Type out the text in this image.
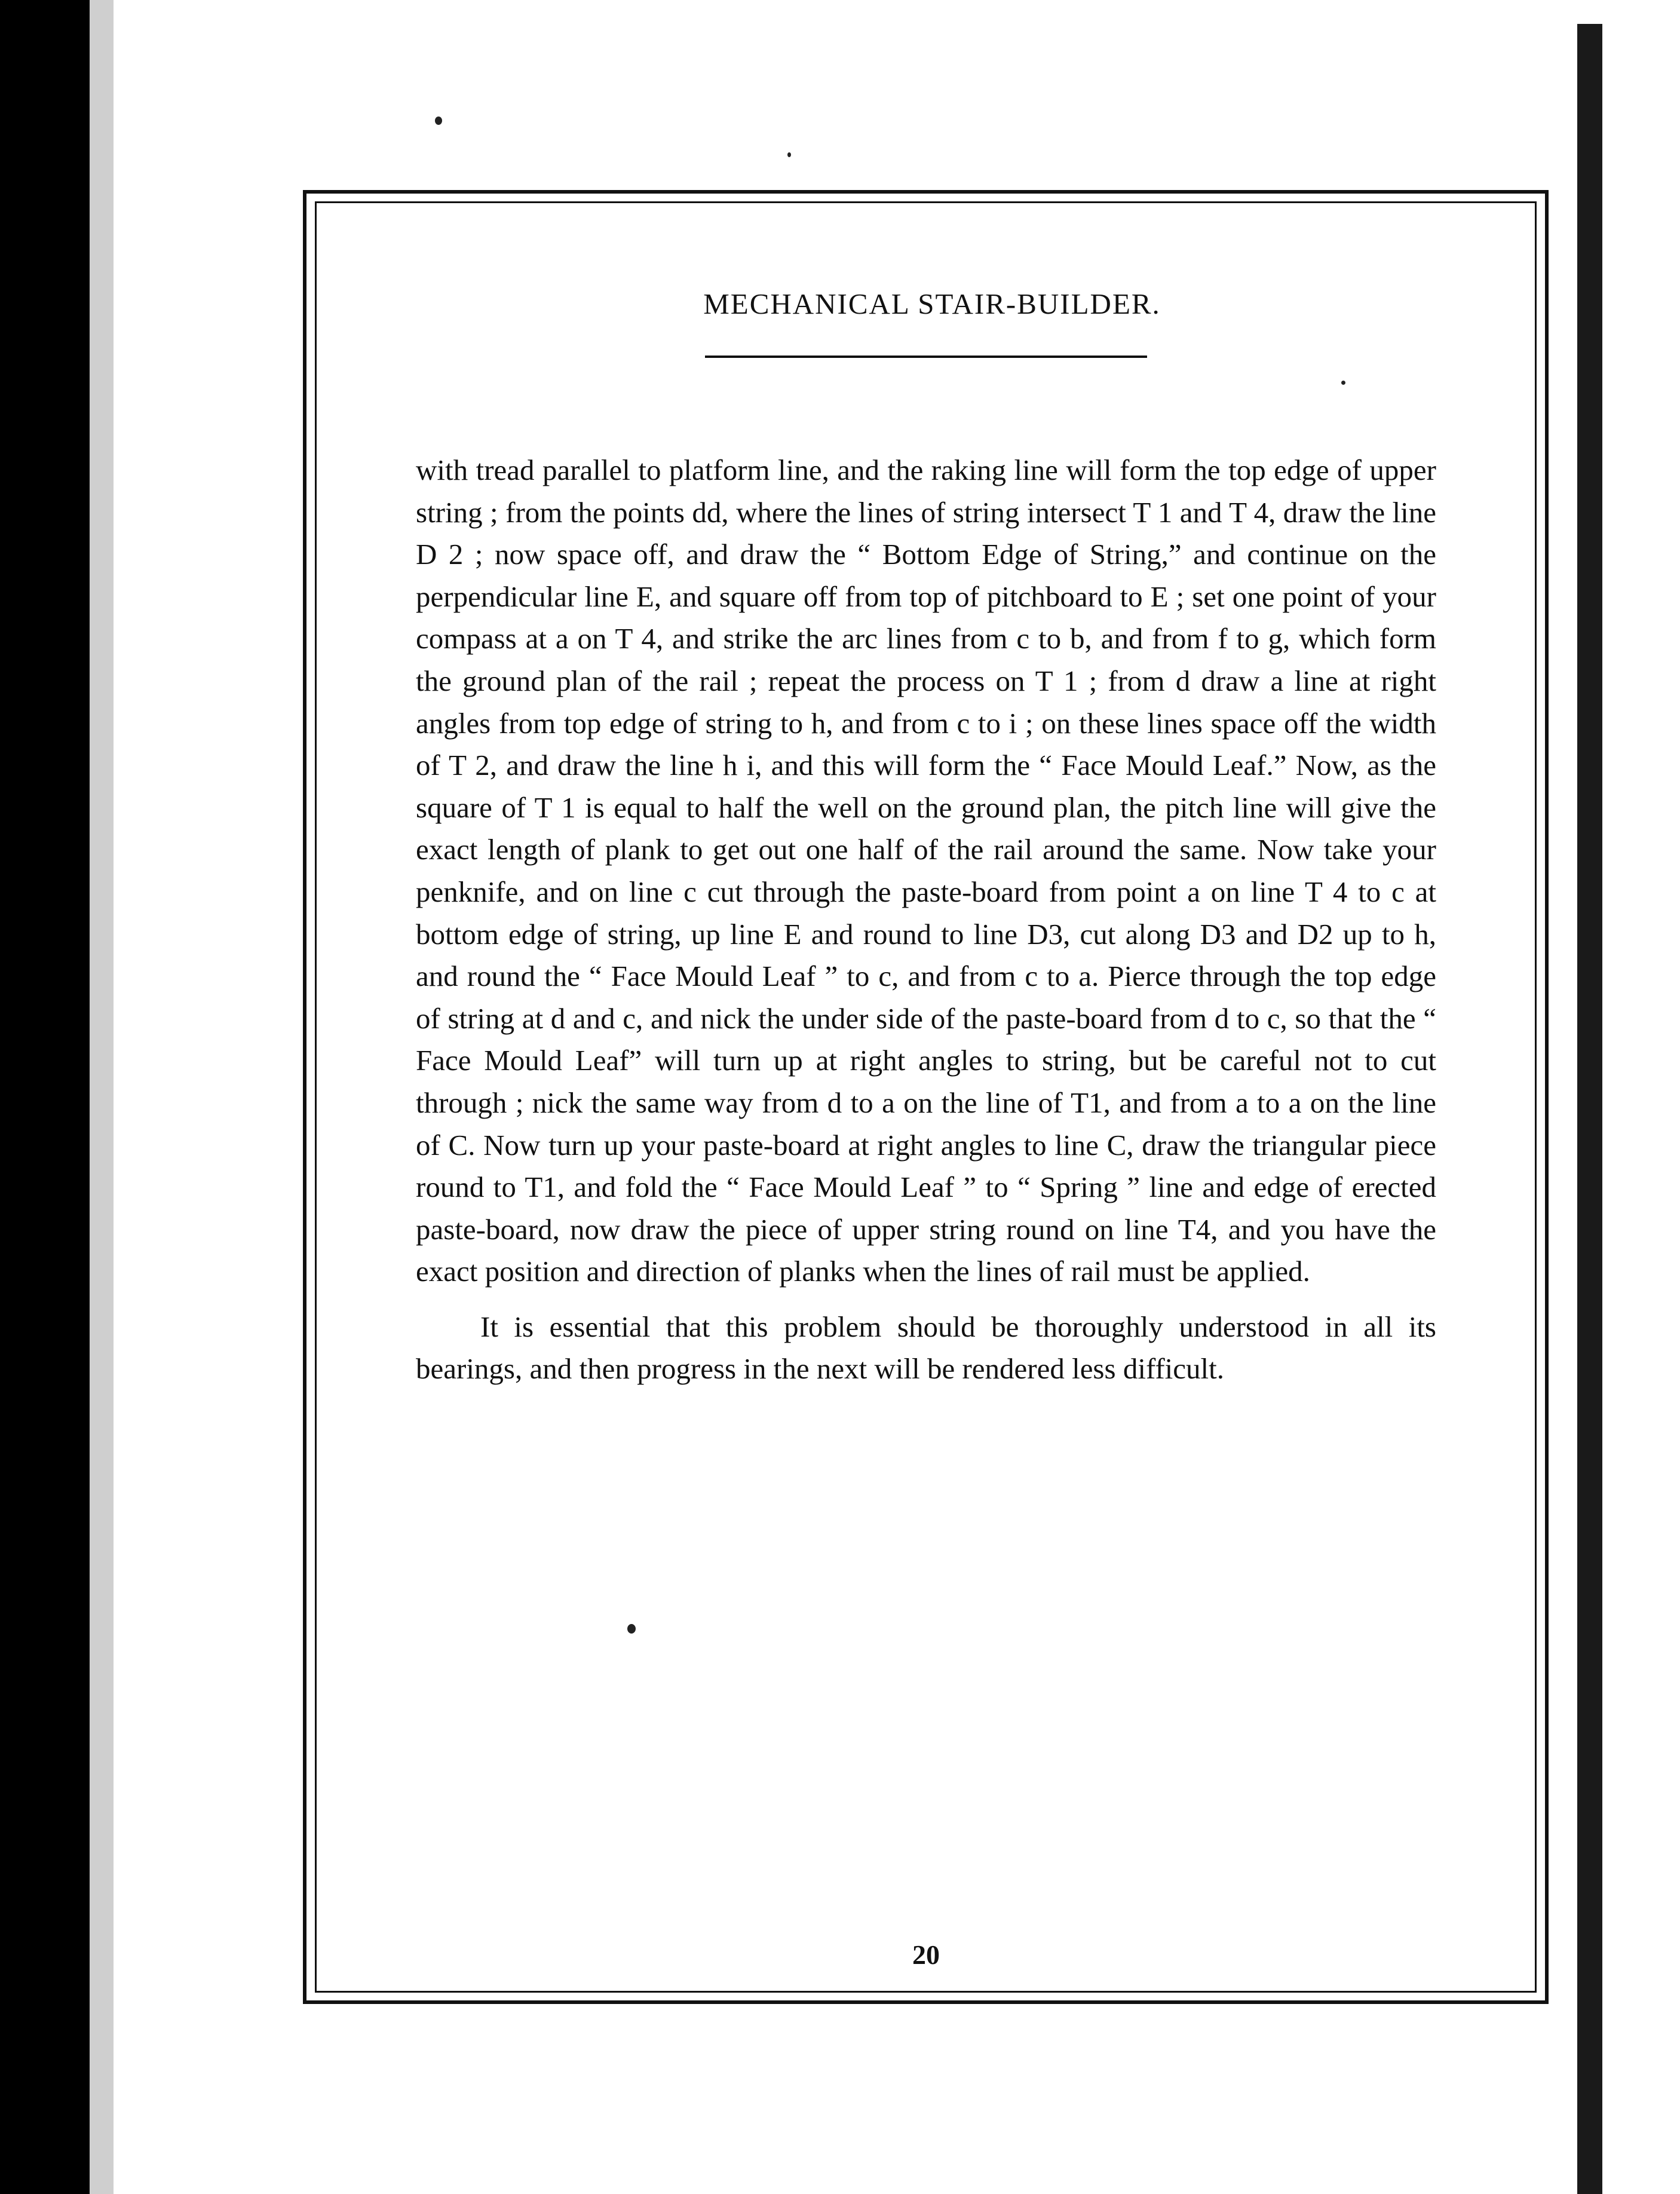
MECHANICAL STAIR-BUILDER.

with tread parallel to platform line, and the raking line will form the top edge of upper string ; from the points dd, where the lines of string intersect T 1 and T 4, draw the line D 2 ; now space off, and draw the “ Bottom Edge of String,” and continue on the perpendicular line E, and square off from top of pitchboard to E ; set one point of your compass at a on T 4, and strike the arc lines from c to b, and from f to g, which form the ground plan of the rail ; repeat the process on T 1 ; from d draw a line at right angles from top edge of string to h, and from c to i ; on these lines space off the width of T 2, and draw the line h i, and this will form the “ Face Mould Leaf.” Now, as the square of T 1 is equal to half the well on the ground plan, the pitch line will give the exact length of plank to get out one half of the rail around the same. Now take your penknife, and on line c cut through the paste-board from point a on line T 4 to c at bottom edge of string, up line E and round to line D3, cut along D3 and D2 up to h, and round the “ Face Mould Leaf ” to c, and from c to a. Pierce through the top edge of string at d and c, and nick the under side of the paste-board from d to c, so that the “ Face Mould Leaf” will turn up at right angles to string, but be careful not to cut through ; nick the same way from d to a on the line of T1, and from a to a on the line of C. Now turn up your paste-board at right angles to line C, draw the triangular piece round to T1, and fold the “ Face Mould Leaf ” to “ Spring ” line and edge of erected paste-board, now draw the piece of upper string round on line T4, and you have the exact position and direction of planks when the lines of rail must be applied.

It is essential that this problem should be thoroughly understood in all its bearings, and then progress in the next will be rendered less difficult.

20
